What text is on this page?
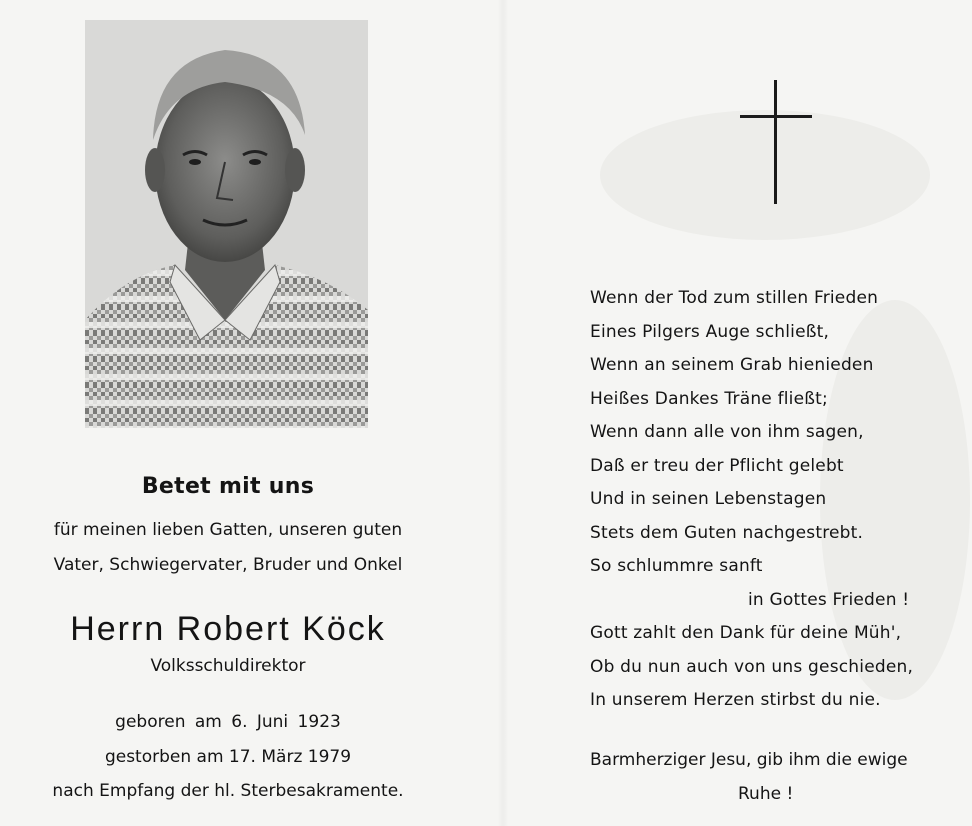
Betet mit uns
für meinen lieben Gatten, unseren guten
Vater, Schwiegervater, Bruder und Onkel
Herrn Robert Köck
Volksschuldirektor
geboren am 6. Juni 1923
gestorben am 17. März 1979
nach Empfang der hl. Sterbesakramente.
Wenn der Tod zum stillen Frieden
Eines Pilgers Auge schließt,
Wenn an seinem Grab hienieden
Heißes Dankes Träne fließt;
Wenn dann alle von ihm sagen,
Daß er treu der Pflicht gelebt
Und in seinen Lebenstagen
Stets dem Guten nachgestrebt.
So schlummre sanft
in Gottes Frieden !
Gott zahlt den Dank für deine Müh',
Ob du nun auch von uns geschieden,
In unserem Herzen stirbst du nie.
Barmherziger Jesu, gib ihm die ewige
Ruhe !
